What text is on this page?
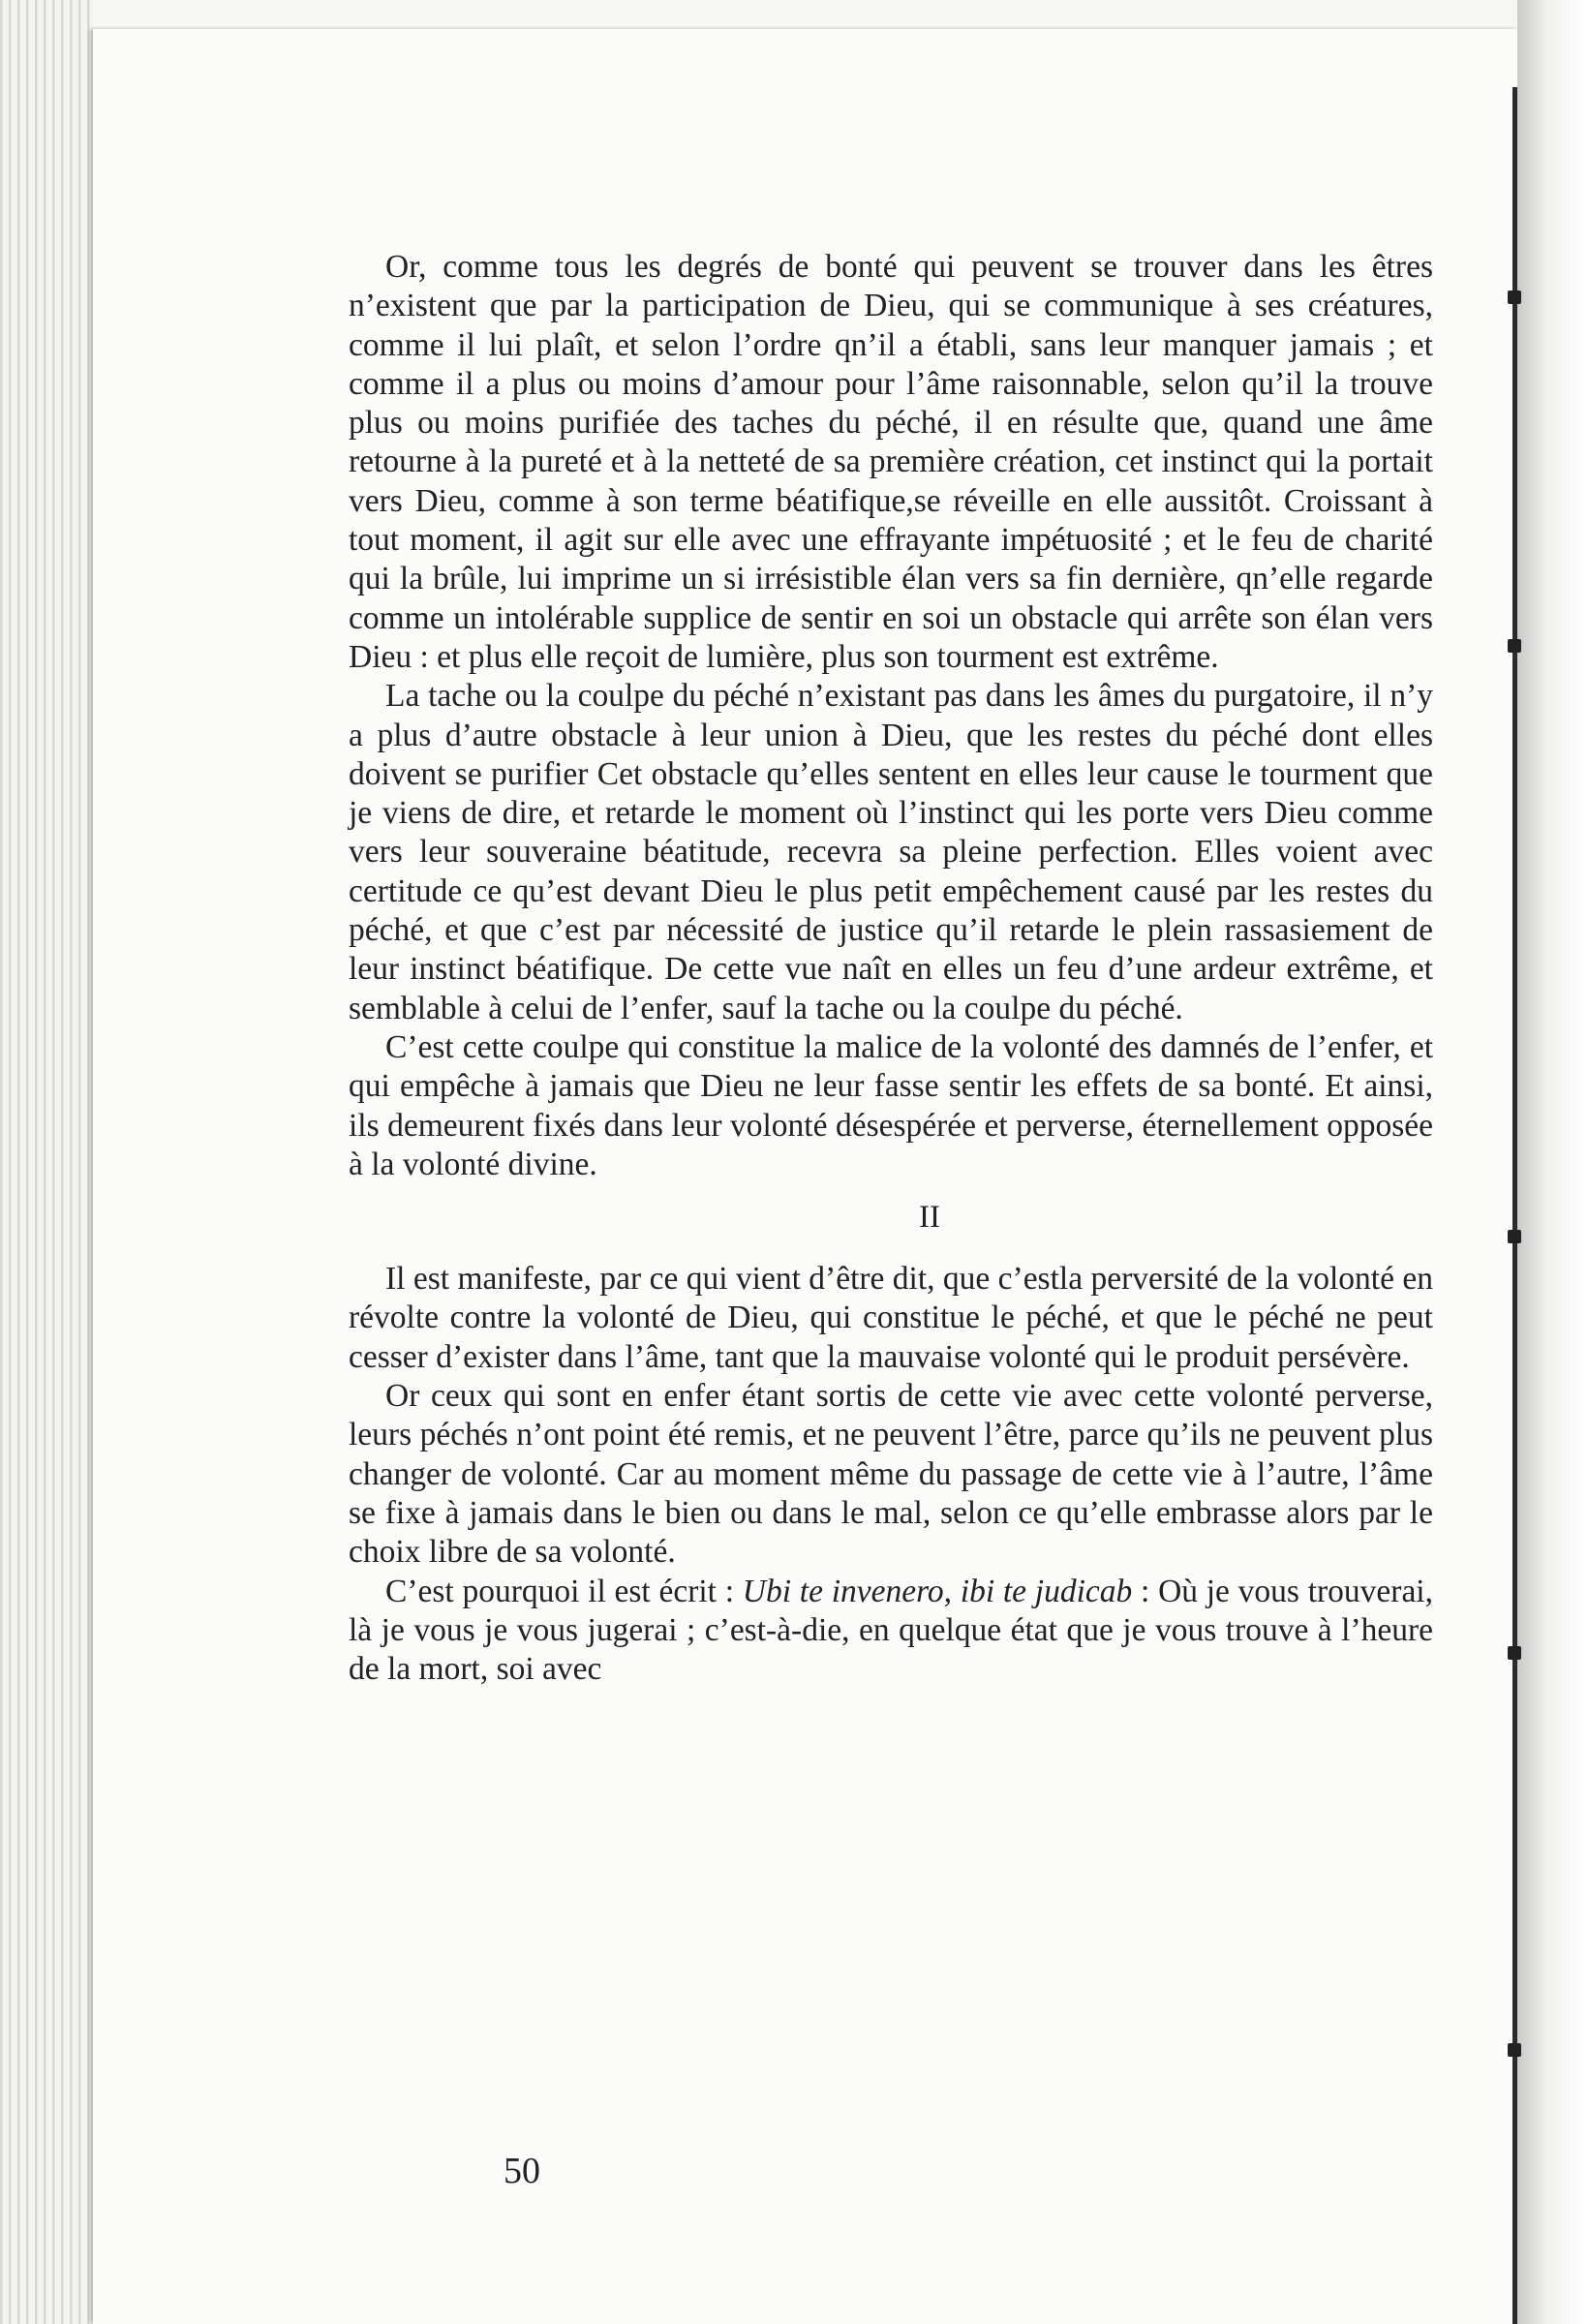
Or, comme tous les degrés de bonté qui peuvent se trouver dans les êtres n’existent que par la participation de Dieu, qui se communique à ses créatures, comme il lui plaît, et selon l’ordre qn’il a établi, sans leur manquer jamais ; et comme il a plus ou moins d’amour pour l’âme raisonnable, selon qu’il la trouve plus ou moins purifiée des taches du péché, il en résulte que, quand une âme retourne à la pureté et à la netteté de sa première création, cet instinct qui la portait vers Dieu, comme à son terme béatifique,se réveille en elle aussitôt. Croissant à tout moment, il agit sur elle avec une effrayante impétuosité ; et le feu de charité qui la brûle, lui imprime un si irrésistible élan vers sa fin dernière, qn’elle regarde comme un intolérable supplice de sentir en soi un obstacle qui arrête son élan vers Dieu : et plus elle reçoit de lumière, plus son tourment est extrême.

La tache ou la coulpe du péché n’existant pas dans les âmes du purgatoire, il n’y a plus d’autre obstacle à leur union à Dieu, que les restes du péché dont elles doivent se purifier Cet obstacle qu’elles sentent en elles leur cause le tourment que je viens de dire, et retarde le moment où l’instinct qui les porte vers Dieu comme vers leur souveraine béatitude, recevra sa pleine perfection. Elles voient avec certitude ce qu’est devant Dieu le plus petit empêchement causé par les restes du péché, et que c’est par nécessité de justice qu’il retarde le plein rassasiement de leur instinct béatifique. De cette vue naît en elles un feu d’une ardeur extrême, et semblable à celui de l’enfer, sauf la tache ou la coulpe du péché.

C’est cette coulpe qui constitue la malice de la volonté des damnés de l’enfer, et qui empêche à jamais que Dieu ne leur fasse sentir les effets de sa bonté. Et ainsi, ils demeurent fixés dans leur volonté désespérée et perverse, éternellement opposée à la volonté divine.

II

Il est manifeste, par ce qui vient d’être dit, que c’estla perversité de la volonté en révolte contre la volonté de Dieu, qui constitue le péché, et que le péché ne peut cesser d’exister dans l’âme, tant que la mauvaise volonté qui le produit persévère.

Or ceux qui sont en enfer étant sortis de cette vie avec cette volonté perverse, leurs péchés n’ont point été remis, et ne peuvent l’être, parce qu’ils ne peuvent plus changer de volonté. Car au moment même du passage de cette vie à l’autre, l’âme se fixe à jamais dans le bien ou dans le mal, selon ce qu’elle embrasse alors par le choix libre de sa volonté.

C’est pourquoi il est écrit : Ubi te invenero, ibi te judicab : Où je vous trouverai, là je vous je vous jugerai ; c’est-à-die, en quelque état que je vous trouve à l’heure de la mort, soi avec

50
